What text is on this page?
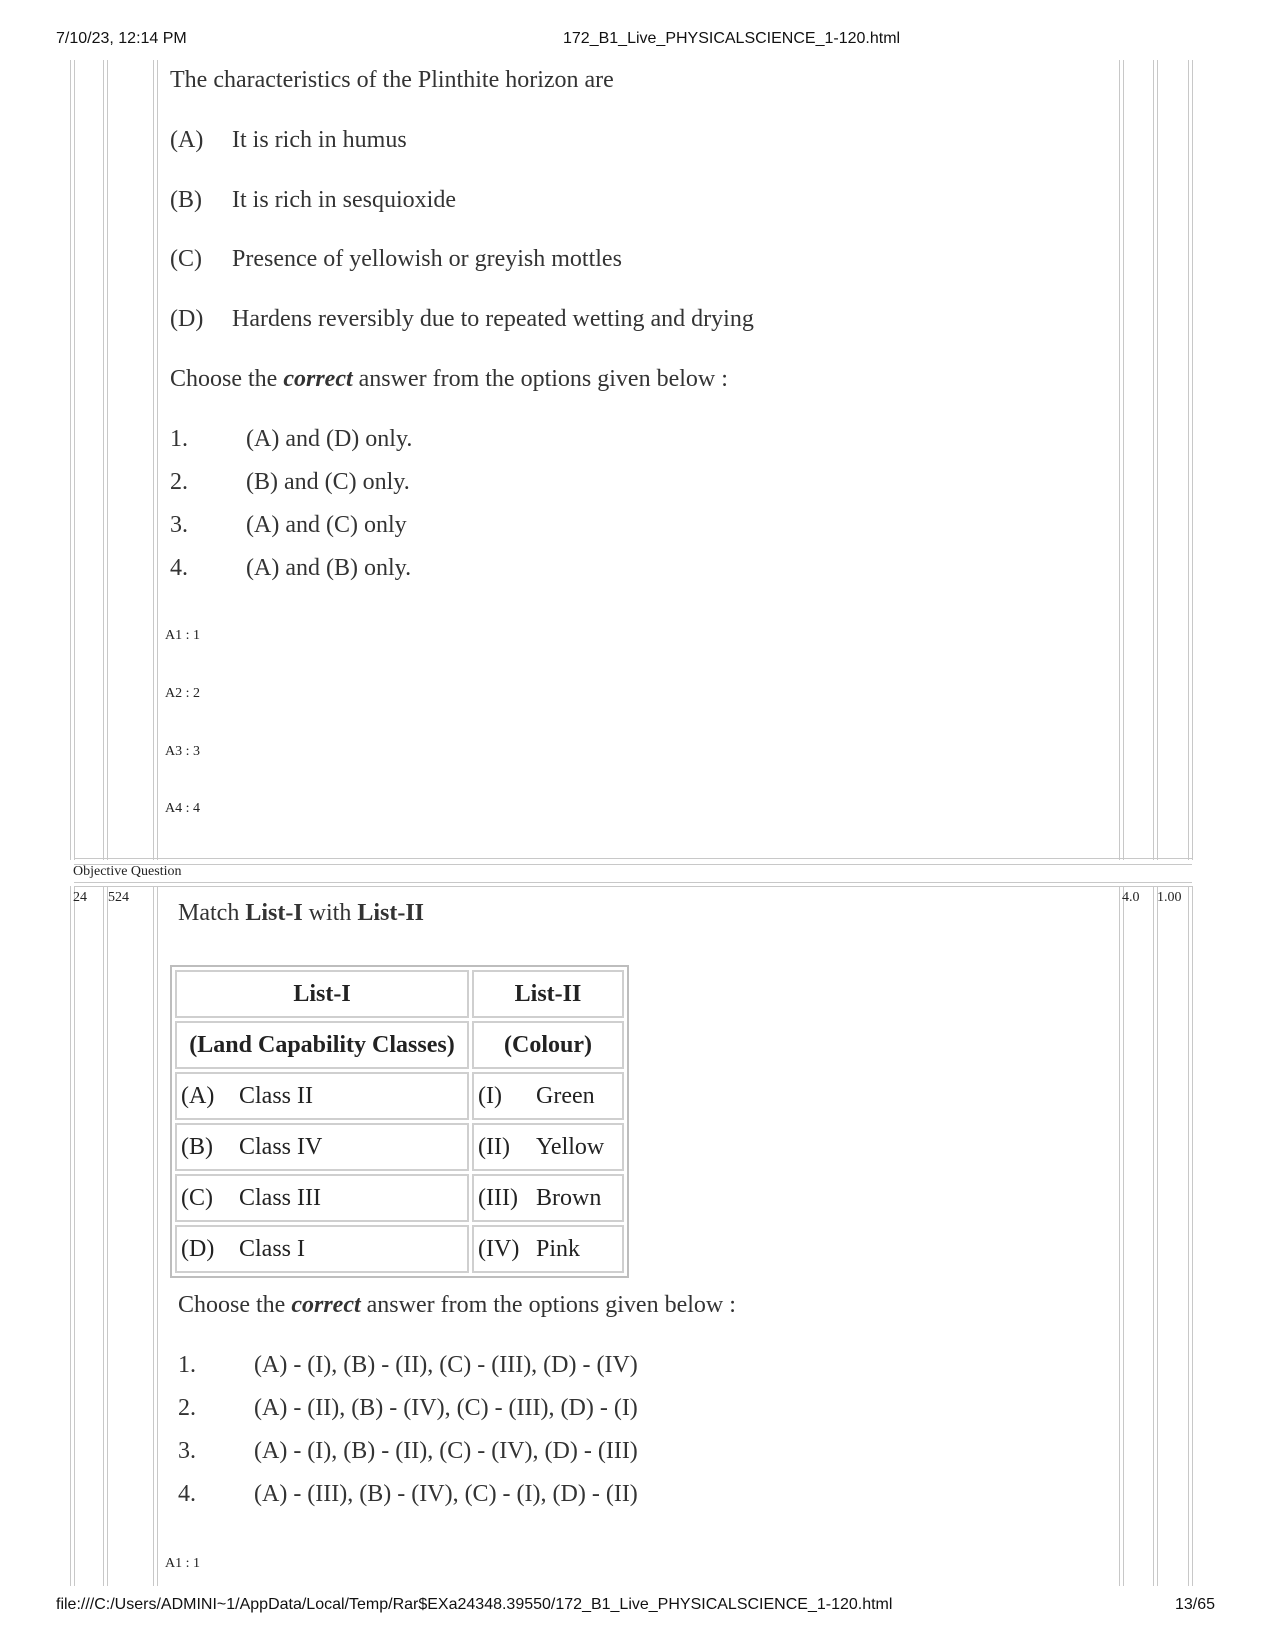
7/10/23, 12:14 PM	172_B1_Live_PHYSICALSCIENCE_1-120.html
The characteristics of the Plinthite horizon are
(A) It is rich in humus
(B) It is rich in sesquioxide
(C) Presence of yellowish or greyish mottles
(D) Hardens reversibly due to repeated wetting and drying
Choose the correct answer from the options given below :
1. (A) and (D) only.
2. (B) and (C) only.
3. (A) and (C) only
4. (A) and (B) only.
A1 : 1
A2 : 2
A3 : 3
A4 : 4
Objective Question
24 524	4.0 1.00
Match List-I with List-II
List-I	List-II
(Land Capability Classes)	(Colour)
(A) Class II	(I) Green
(B) Class IV	(II) Yellow
(C) Class III	(III) Brown
(D) Class I	(IV) Pink
Choose the correct answer from the options given below :
1. (A) - (I), (B) - (II), (C) - (III), (D) - (IV)
2. (A) - (II), (B) - (IV), (C) - (III), (D) - (I)
3. (A) - (I), (B) - (II), (C) - (IV), (D) - (III)
4. (A) - (III), (B) - (IV), (C) - (I), (D) - (II)
A1 : 1
file:///C:/Users/ADMINI~1/AppData/Local/Temp/Rar$EXa24348.39550/172_B1_Live_PHYSICALSCIENCE_1-120.html	13/65
